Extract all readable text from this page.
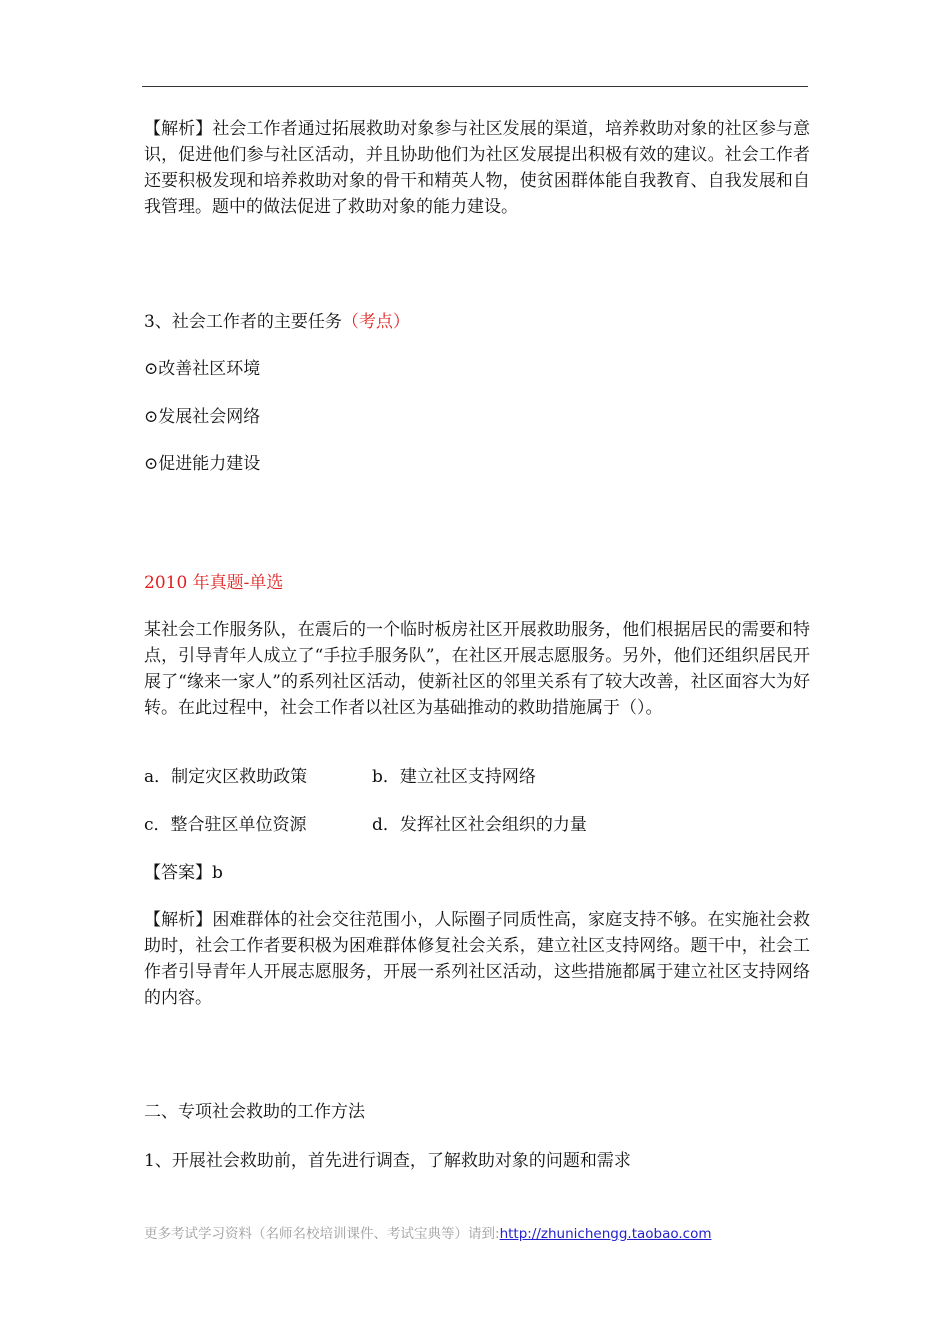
【解析】社会工作者通过拓展救助对象参与社区发展的渠道，培养救助对象的社区参与意识，促进他们参与社区活动，并且协助他们为社区发展提出积极有效的建议。社会工作者还要积极发现和培养救助对象的骨干和精英人物，使贫困群体能自我教育、自我发展和自我管理。题中的做法促进了救助对象的能力建设。

3、社会工作者的主要任务（考点）
⊙改善社区环境
⊙发展社会网络
⊙促进能力建设
2010 年真题-单选

某社会工作服务队，在震后的一个临时板房社区开展救助服务，他们根据居民的需要和特点，引导青年人成立了“手拉手服务队”，在社区开展志愿服务。另外，他们还组织居民开展了“缘来一家人”的系列社区活动，使新社区的邻里关系有了较大改善，社区面容大为好转。在此过程中，社会工作者以社区为基础推动的救助措施属于（）。

a．制定灾区救助政策	b．建立社区支持网络
c．整合驻区单位资源	d．发挥社区社会组织的力量
【答案】b

【解析】困难群体的社会交往范围小，人际圈子同质性高，家庭支持不够。在实施社会救助时，社会工作者要积极为困难群体修复社会关系，建立社区支持网络。题干中，社会工作者引导青年人开展志愿服务，开展一系列社区活动，这些措施都属于建立社区支持网络的内容。

二、专项社会救助的工作方法
1、开展社会救助前，首先进行调查，了解救助对象的问题和需求
更多考试学习资料（名师名校培训课件、考试宝典等）请到:http://zhunichengg.taobao.com
